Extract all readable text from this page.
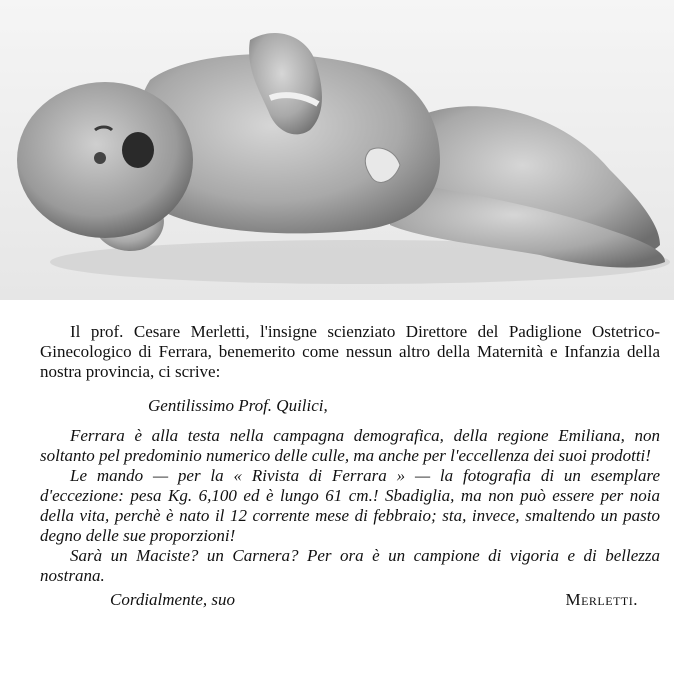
Il prof. Cesare Merletti, l'insigne scienziato Direttore del Padiglione Ostetrico-Ginecologico di Ferrara, benemerito come nessun altro della Maternità e Infanzia della nostra provincia, ci scrive:

Gentilissimo Prof. Quilici,

Ferrara è alla testa nella campagna demografica, della regione Emiliana, non soltanto pel predominio numerico delle culle, ma anche per l'eccellenza dei suoi prodotti!

Le mando — per la « Rivista di Ferrara » — la fotografia di un esemplare d'eccezione: pesa Kg. 6,100 ed è lungo 61 cm.! Sbadiglia, ma non può essere per noia della vita, perchè è nato il 12 corrente mese di febbraio; sta, invece, smaltendo un pasto degno delle sue proporzioni!

Sarà un Maciste? un Carnera? Per ora è un campione di vigoria e di bellezza nostrana.

Cordialmente, suo	Merletti.
